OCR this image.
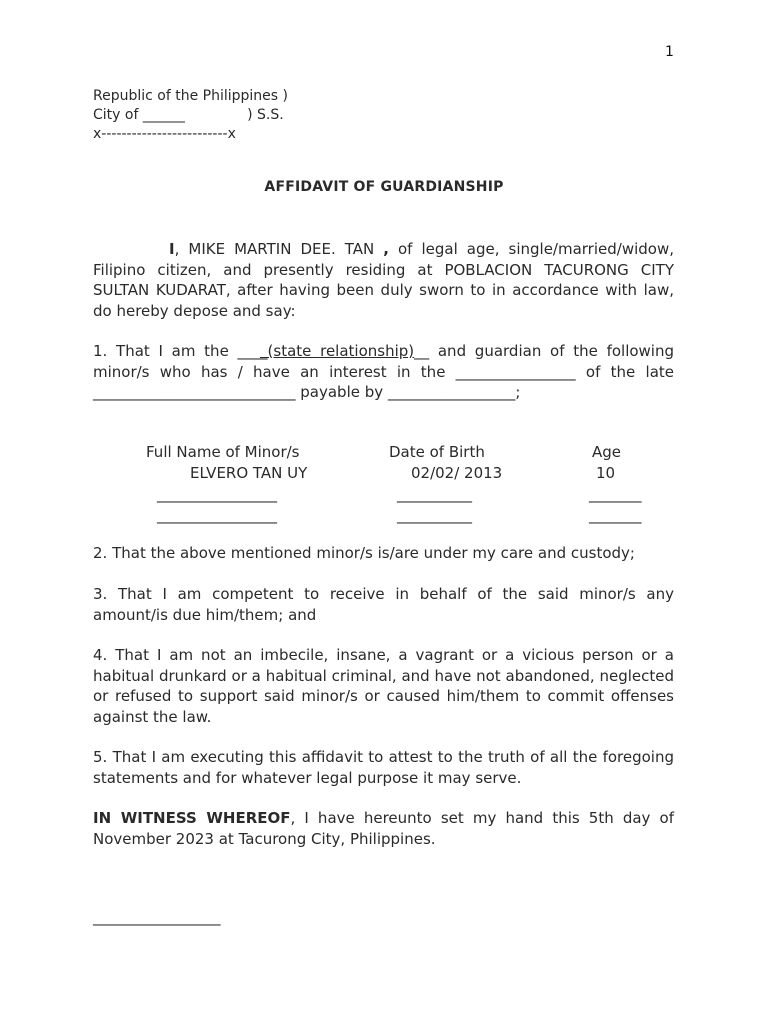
1
Republic of the Philippines )
City of ______              ) S.S.
x-------------------------x
AFFIDAVIT OF GUARDIANSHIP
I, MIKE MARTIN DEE. TAN , of legal age, single/married/widow, Filipino citizen, and presently residing at POBLACION TACURONG CITY SULTAN KUDARAT, after having been duly sworn to in accordance with law, do hereby depose and say:
1. That I am the ____(state relationship)__ and guardian of the following minor/s who has / have an interest in the ________________ of the late ___________________________ payable by _________________;
Full Name of Minor/s	Date of Birth	Age
ELVERO TAN UY	02/02/ 2013	10
________________	__________	_______
________________	__________	_______
2. That the above mentioned minor/s is/are under my care and custody;
3. That I am competent to receive in behalf of the said minor/s any amount/is due him/them; and
4. That I am not an imbecile, insane, a vagrant or a vicious person or a habitual drunkard or a habitual criminal, and have not abandoned, neglected or refused to support said minor/s or caused him/them to commit offenses against the law.
5. That I am executing this affidavit to attest to the truth of all the foregoing statements and for whatever legal purpose it may serve.
IN WITNESS WHEREOF, I have hereunto set my hand this 5th day of November 2023 at Tacurong City, Philippines.
_________________
